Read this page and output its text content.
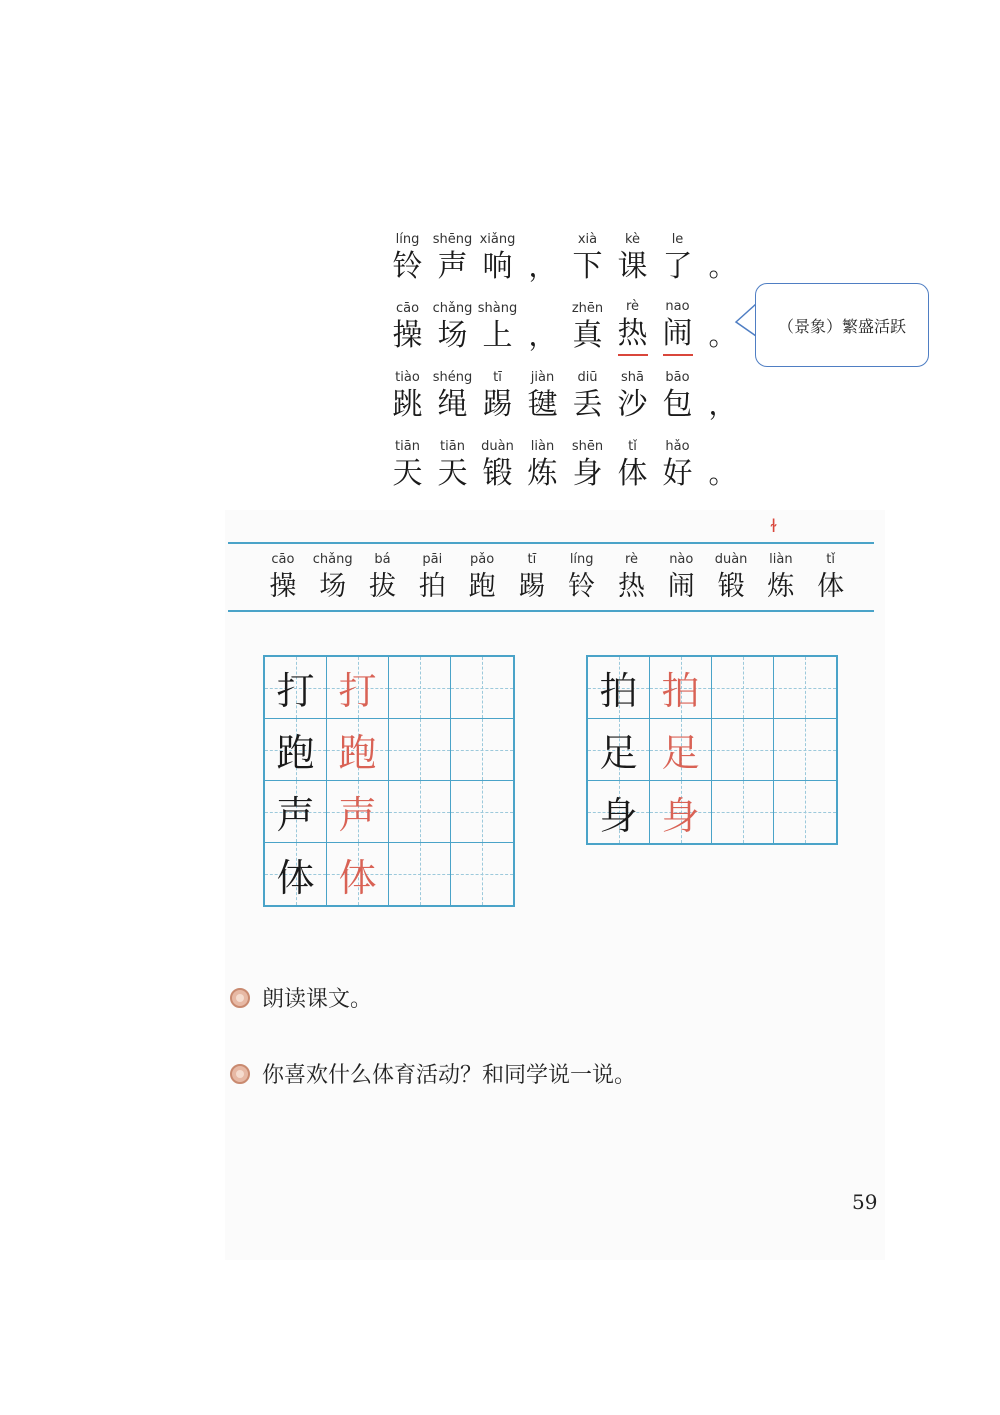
líng
铃
shēng
声
xiǎng
响 ，
xià
下
kè
课
le
了 。
cāo
操
chǎng
场
shàng
上 ，
zhēn
真
rè
热
nao
闹 。
tiào
跳
shéng
绳
tī
踢
jiàn
毽
diū
丢
shā
沙
bāo
包 ，
tiān
天
tiān
天
duàn
锻
liàn
炼
shēn
身
tǐ
体
hǎo
好 。
（景象）繁盛活跃
ɫ
cāo
操
chǎng
场
bá
拔
pāi
拍
pǎo
跑
tī
踢
líng
铃
rè
热
nào
闹
duàn
锻
liàn
炼
tǐ
体
打 打
跑 跑
声 声
体 体
拍 拍
足 足
身 身
朗读课文。
你喜欢什么体育活动？和同学说一说。
59
